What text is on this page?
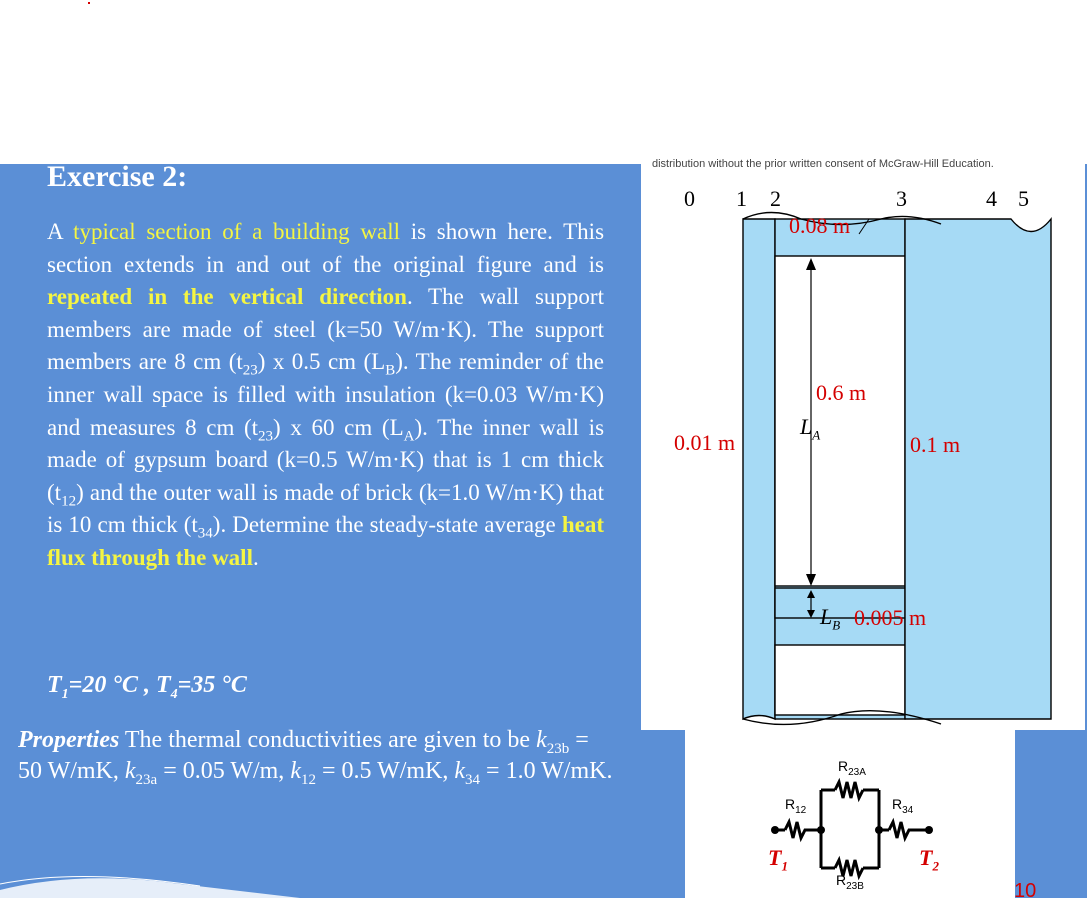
distribution without the prior written consent of McGraw-Hill Education.
Exercise 2:
A typical section of a building wall is shown here. This section extends in and out of the original figure and is repeated in the vertical direction. The wall support members are made of steel (k=50 W/m·K). The support members are 8 cm $(t_{23})$ x 0.5 cm $(L_B)$. The reminder of the inner wall space is filled with insulation (k=0.03 W/m·K) and measures 8 cm $(t_{23})$ x 60 cm $(L_A)$. The inner wall is made of gypsum board (k=0.5 W/m·K) that is 1 cm thick $(t_{12})$ and the outer wall is made of brick (k=1.0 W/m·K) that is 10 cm thick $(t_{34})$. Determine the steady-state average heat flux through the wall.
$T_1=20$ °C , $T_4=35$ °C
Properties The thermal conductivities are given to be $k_{23b} = 50$ W/mK, $k_{23a} = 0.05$ W/m, $k_{12} = 0.5$ W/mK, $k_{34} = 1.0$ W/mK.
0 1 2	3	4 5
0.08 m
0.6 m
0.01 m	0.1 m
0.005 m
$L_A$
$L_B$
$R_{23A}$
$R_{12}$	$R_{34}$
$R_{23B}$
$T_1$	$T_2$
10
